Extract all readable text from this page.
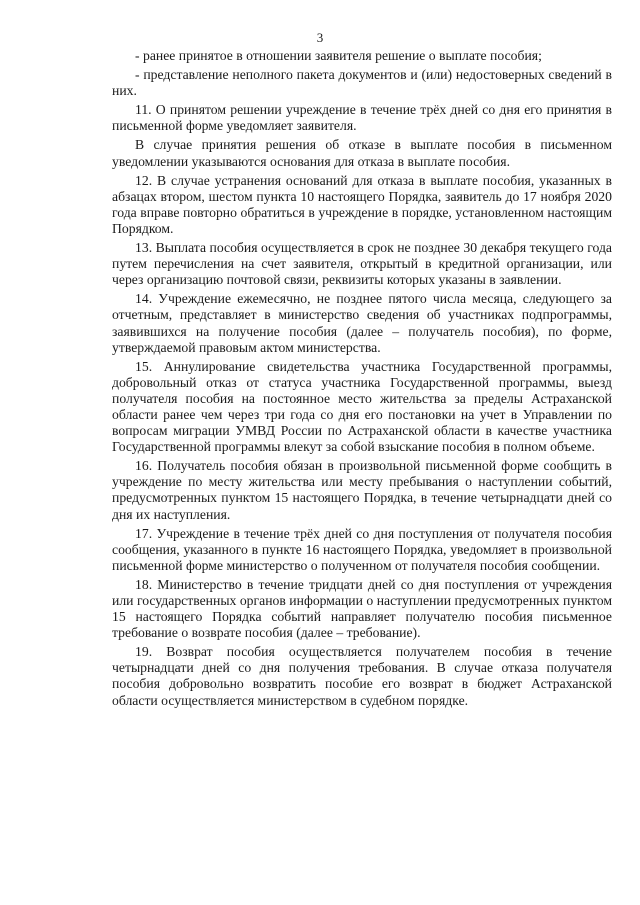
3

- ранее принятое в отношении заявителя решение о выплате пособия;

- представление неполного пакета документов и (или) недостоверных сведений в них.

11. О принятом решении учреждение в течение трёх дней со дня его принятия в письменной форме уведомляет заявителя.

В случае принятия решения об отказе в выплате пособия в письменном уведомлении указываются основания для отказа в выплате пособия.

12. В случае устранения оснований для отказа в выплате пособия, указанных в абзацах втором, шестом пункта 10 настоящего Порядка, заявитель до 17 ноября 2020 года вправе повторно обратиться в учреждение в порядке, установленном настоящим Порядком.

13. Выплата пособия осуществляется в срок не позднее 30 декабря текущего года путем перечисления на счет заявителя, открытый в кредитной организации, или через организацию почтовой связи, реквизиты которых указаны в заявлении.

14. Учреждение ежемесячно, не позднее пятого числа месяца, следующего за отчетным, представляет в министерство сведения об участниках подпрограммы, заявившихся на получение пособия (далее – получатель пособия), по форме, утверждаемой правовым актом министерства.

15. Аннулирование свидетельства участника Государственной программы, добровольный отказ от статуса участника Государственной программы, выезд получателя пособия на постоянное место жительства за пределы Астраханской области ранее чем через три года со дня его постановки на учет в Управлении по вопросам миграции УМВД России по Астраханской области в качестве участника Государственной программы влекут за собой взыскание пособия в полном объеме.

16. Получатель пособия обязан в произвольной письменной форме сообщить в учреждение по месту жительства или месту пребывания о наступлении событий, предусмотренных пунктом 15 настоящего Порядка, в течение четырнадцати дней со дня их наступления.

17. Учреждение в течение трёх дней со дня поступления от получателя пособия сообщения, указанного в пункте 16 настоящего Порядка, уведомляет в произвольной письменной форме министерство о полученном от получателя пособия сообщении.

18. Министерство в течение тридцати дней со дня поступления от учреждения или государственных органов информации о наступлении предусмотренных пунктом 15 настоящего Порядка событий направляет получателю пособия письменное требование о возврате пособия (далее – требование).

19. Возврат пособия осуществляется получателем пособия в течение четырнадцати дней со дня получения требования. В случае отказа получателя пособия добровольно возвратить пособие его возврат в бюджет Астраханской области осуществляется министерством в судебном порядке.
